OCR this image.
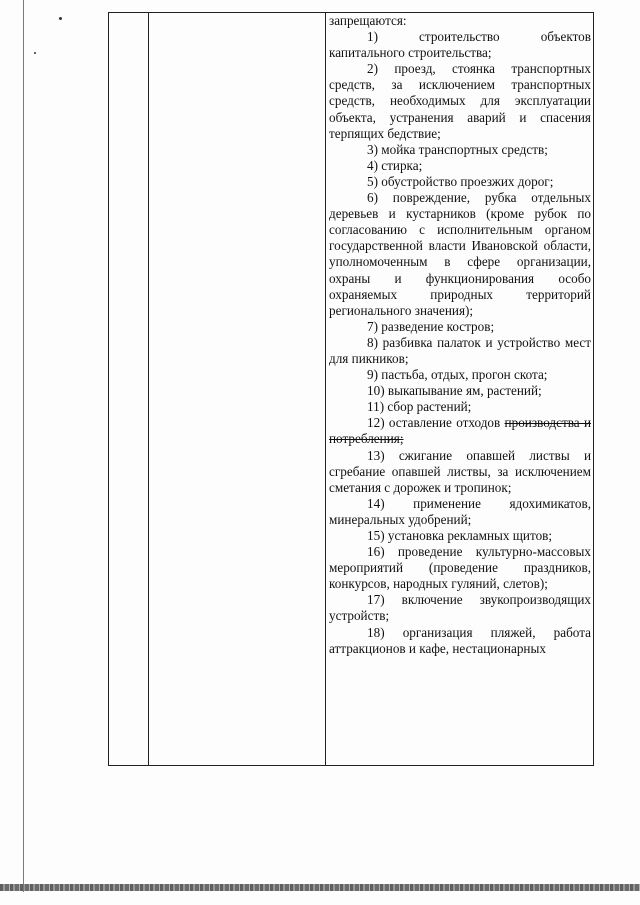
запрещаются:

1) строительство объектов капитального строительства;

2) проезд, стоянка транспортных средств, за исключением транспортных средств, необходимых для эксплуатации объекта, устранения аварий и спасения терпящих бедствие;

3) мойка транспортных средств;

4) стирка;

5) обустройство проезжих дорог;

6) повреждение, рубка отдельных деревьев и кустарников (кроме рубок по согласованию с исполнительным органом государственной власти Ивановской области, уполномоченным в сфере организации, охраны и функционирования особо охраняемых природных территорий регионального значения);

7) разведение костров;

8) разбивка палаток и устройство мест для пикников;

9) пастьба, отдых, прогон скота;

10) выкапывание ям, растений;

11) сбор растений;

12) оставление отходов производства и потребления;

13) сжигание опавшей листвы и сгребание опавшей листвы, за исключением сметания с дорожек и тропинок;

14) применение ядохимикатов, минеральных удобрений;

15) установка рекламных щитов;

16) проведение культурно-массовых мероприятий (проведение праздников, конкурсов, народных гуляний, слетов);

17) включение звукопроизводящих устройств;

18) организация пляжей, работа аттракционов и кафе, нестационарных
